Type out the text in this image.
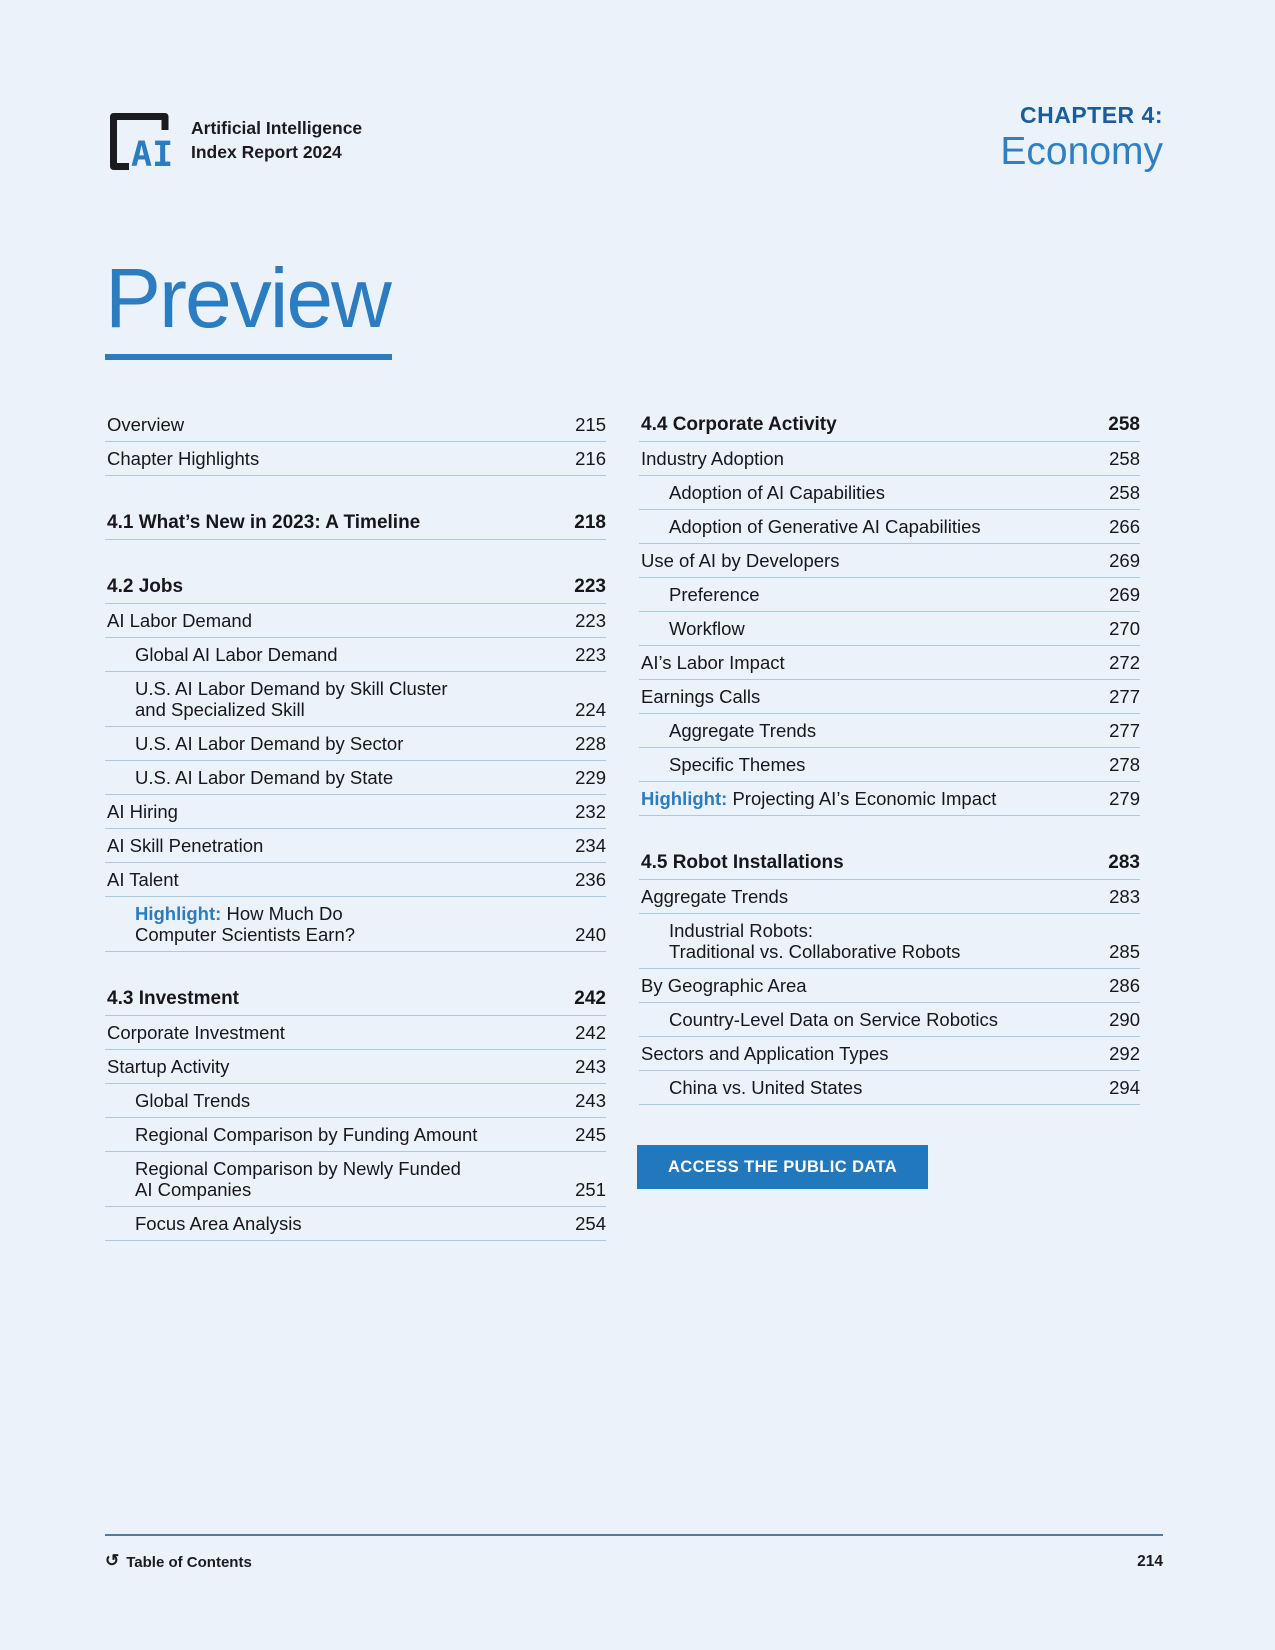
AI
Artificial Intelligence
Index Report 2024
CHAPTER 4:
Economy
Preview
Overview	215
Chapter Highlights	216
4.1 What’s New in 2023: A Timeline	218
4.2 Jobs	223
AI Labor Demand	223
Global AI Labor Demand	223
U.S. AI Labor Demand by Skill Cluster
and Specialized Skill	224
U.S. AI Labor Demand by Sector	228
U.S. AI Labor Demand by State	229
AI Hiring	232
AI Skill Penetration	234
AI Talent	236
Highlight: How Much Do
Computer Scientists Earn?	240
4.3 Investment	242
Corporate Investment	242
Startup Activity	243
Global Trends	243
Regional Comparison by Funding Amount	245
Regional Comparison by Newly Funded
AI Companies	251
Focus Area Analysis	254
4.4 Corporate Activity	258
Industry Adoption	258
Adoption of AI Capabilities	258
Adoption of Generative AI Capabilities	266
Use of AI by Developers	269
Preference	269
Workflow	270
AI’s Labor Impact	272
Earnings Calls	277
Aggregate Trends	277
Specific Themes	278
Highlight: Projecting AI’s Economic Impact	279
4.5 Robot Installations	283
Aggregate Trends	283
Industrial Robots:
Traditional vs. Collaborative Robots	285
By Geographic Area	286
Country-Level Data on Service Robotics	290
Sectors and Application Types	292
China vs. United States	294
ACCESS THE PUBLIC DATA
↺ Table of Contents	214
